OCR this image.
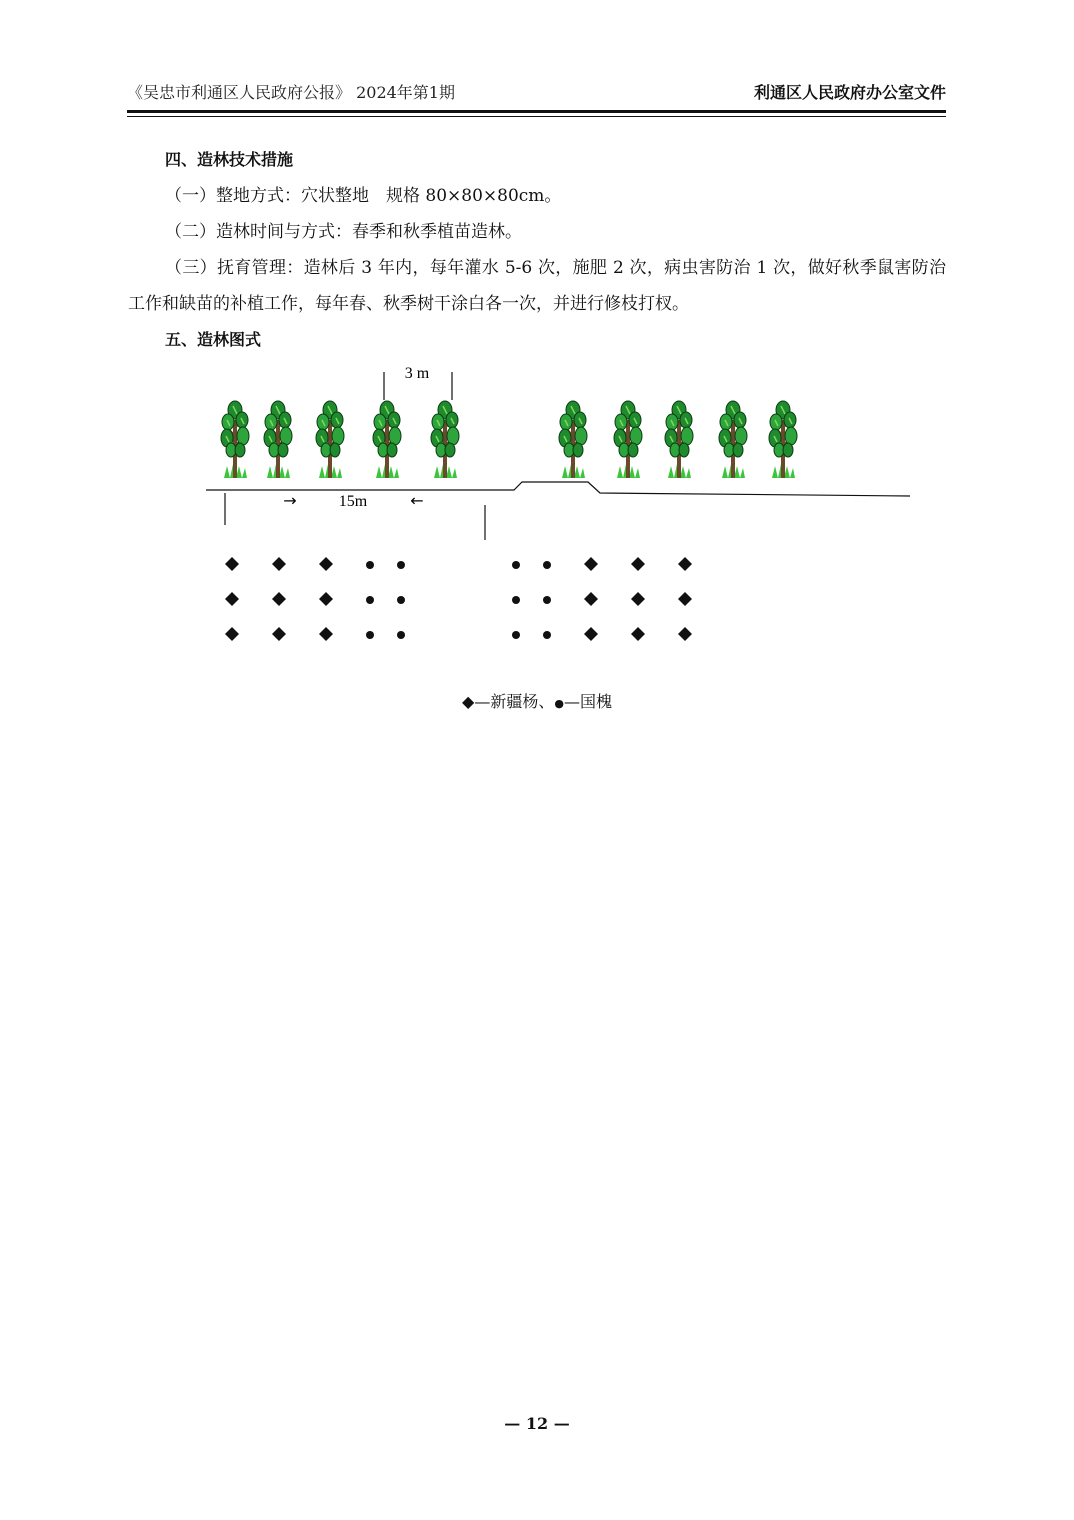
《吴忠市利通区人民政府公报》 2024年第1期	利通区人民政府办公室文件
四、造林技术措施
（一）整地方式：穴状整地　规格 80×80×80cm。
（二）造林时间与方式：春季和秋季植苗造林。
（三）抚育管理：造林后 3 年内，每年灌水 5-6 次，施肥 2 次，病虫害防治 1 次，做好秋季鼠害防治工作和缺苗的补植工作，每年春、秋季树干涂白各一次，并进行修枝打杈。
五、造林图式
3 m
→	15m	←
◆—新疆杨、●—国槐
— 12 —
